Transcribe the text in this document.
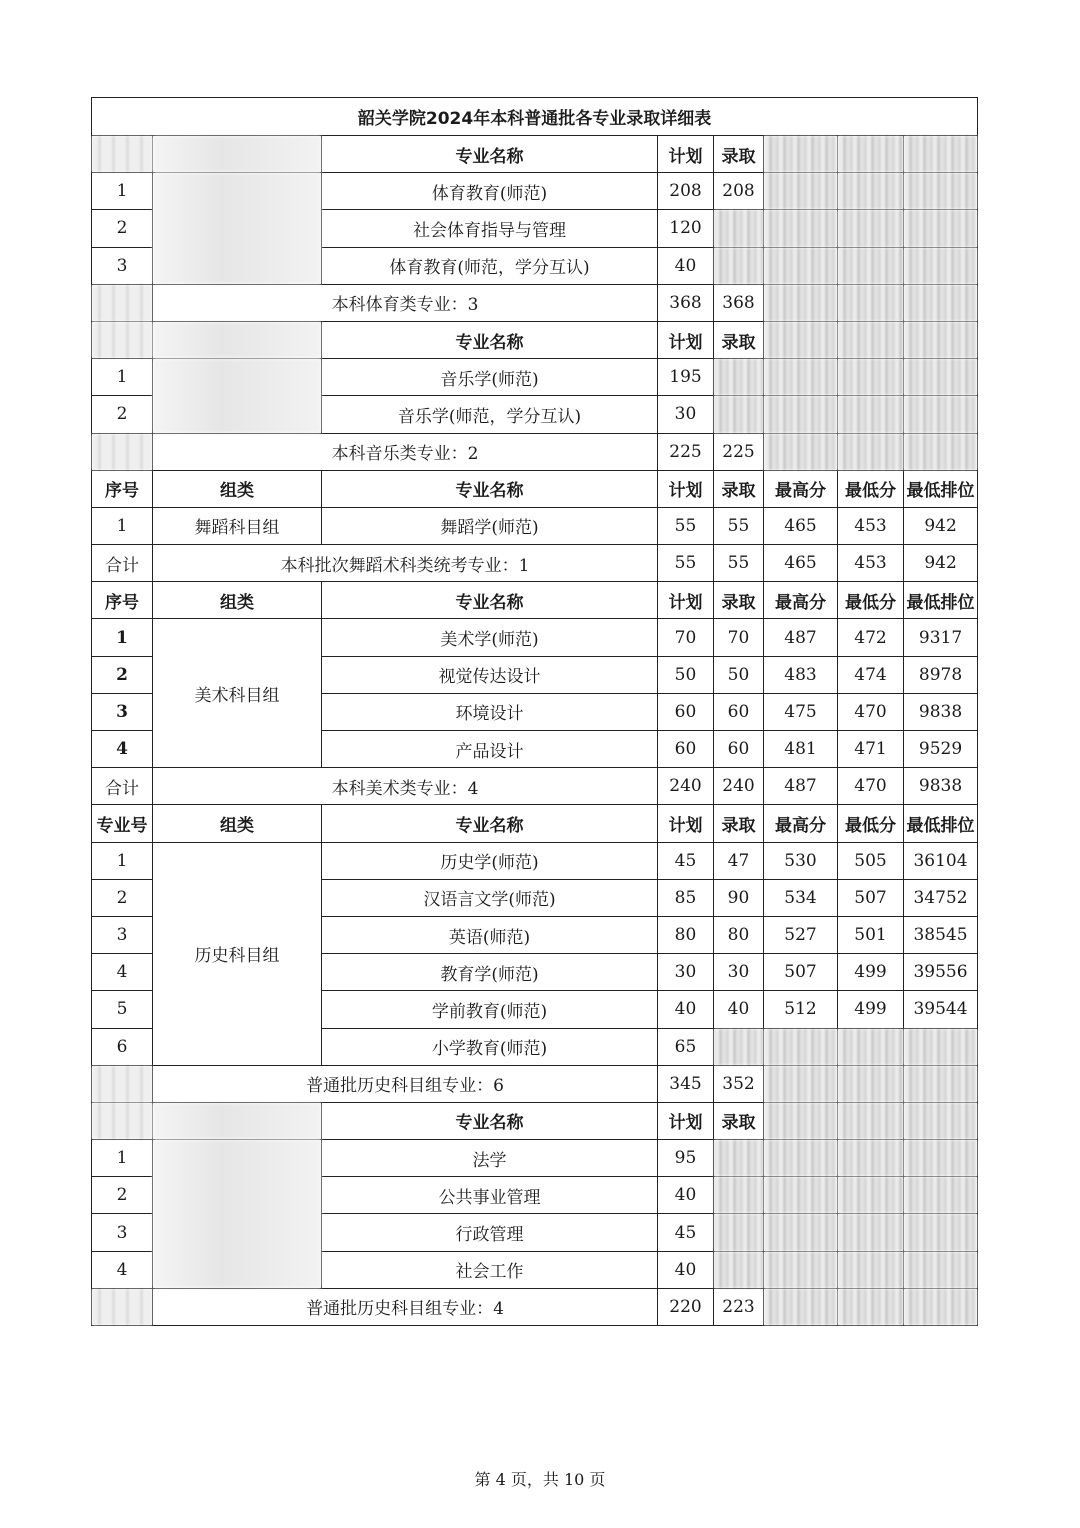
韶关学院2024年本科普通批各专业录取详细表							
		专业名称	计划	录取			
1		体育教育(师范)	208	208			
2		社会体育指导与管理	120				
3		体育教育(师范，学分互认)	40				
	本科体育类专业：3		368	368			
		专业名称	计划	录取			
1		音乐学(师范)	195				
2		音乐学(师范，学分互认)	30				
	本科音乐类专业：2		225	225			
序号	组类	专业名称	计划	录取	最高分	最低分	最低排位
1	舞蹈科目组	舞蹈学(师范)	55	55	465	453	942
合计	本科批次舞蹈术科类统考专业：1		55	55	465	453	942
序号	组类	专业名称	计划	录取	最高分	最低分	最低排位
1	美术科目组	美术学(师范)	70	70	487	472	9317
2		视觉传达设计	50	50	483	474	8978
3		环境设计	60	60	475	470	9838
4		产品设计	60	60	481	471	9529
合计	本科美术类专业：4		240	240	487	470	9838
专业号	组类	专业名称	计划	录取	最高分	最低分	最低排位
1	历史科目组	历史学(师范)	45	47	530	505	36104
2		汉语言文学(师范)	85	90	534	507	34752
3		英语(师范)	80	80	527	501	38545
4		教育学(师范)	30	30	507	499	39556
5		学前教育(师范)	40	40	512	499	39544
6		小学教育(师范)	65				
	普通批历史科目组专业：6		345	352			
		专业名称	计划	录取			
1		法学	95				
2		公共事业管理	40				
3		行政管理	45				
4		社会工作	40				
	普通批历史科目组专业：4		220	223			
第 4 页，共 10 页
